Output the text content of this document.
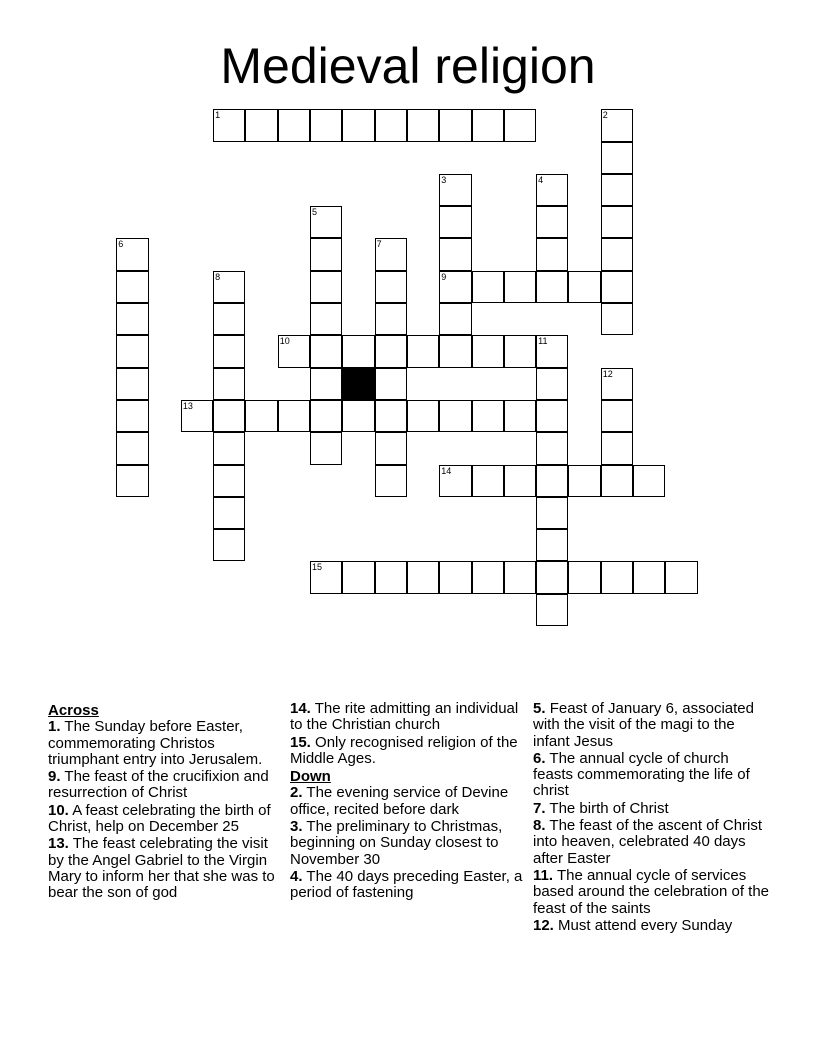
Medieval religion
1	2
3
9
4
5
6	7
8
10	11
12
13
14
15
Across
1. The Sunday before Easter, commemorating Christos triumphant entry into Jerusalem.
9. The feast of the crucifixion and resurrection of Christ
10. A feast celebrating the birth of Christ, help on December 25
13. The feast celebrating the visit by the Angel Gabriel to the Virgin Mary to inform her that she was to bear the son of god
14. The rite admitting an individual to the Christian church
15. Only recognised religion of the Middle Ages.
Down
2. The evening service of Devine office, recited before dark
3. The preliminary to Christmas, beginning on Sunday closest to November 30
4. The 40 days preceding Easter, a period of fastening
5. Feast of January 6, associated with the visit of the magi to the infant Jesus
6. The annual cycle of church feasts commemorating the life of christ
7. The birth of Christ
8. The feast of the ascent of Christ into heaven, celebrated 40 days after Easter
11. The annual cycle of services based around the celebration of the feast of the saints
12. Must attend every Sunday
